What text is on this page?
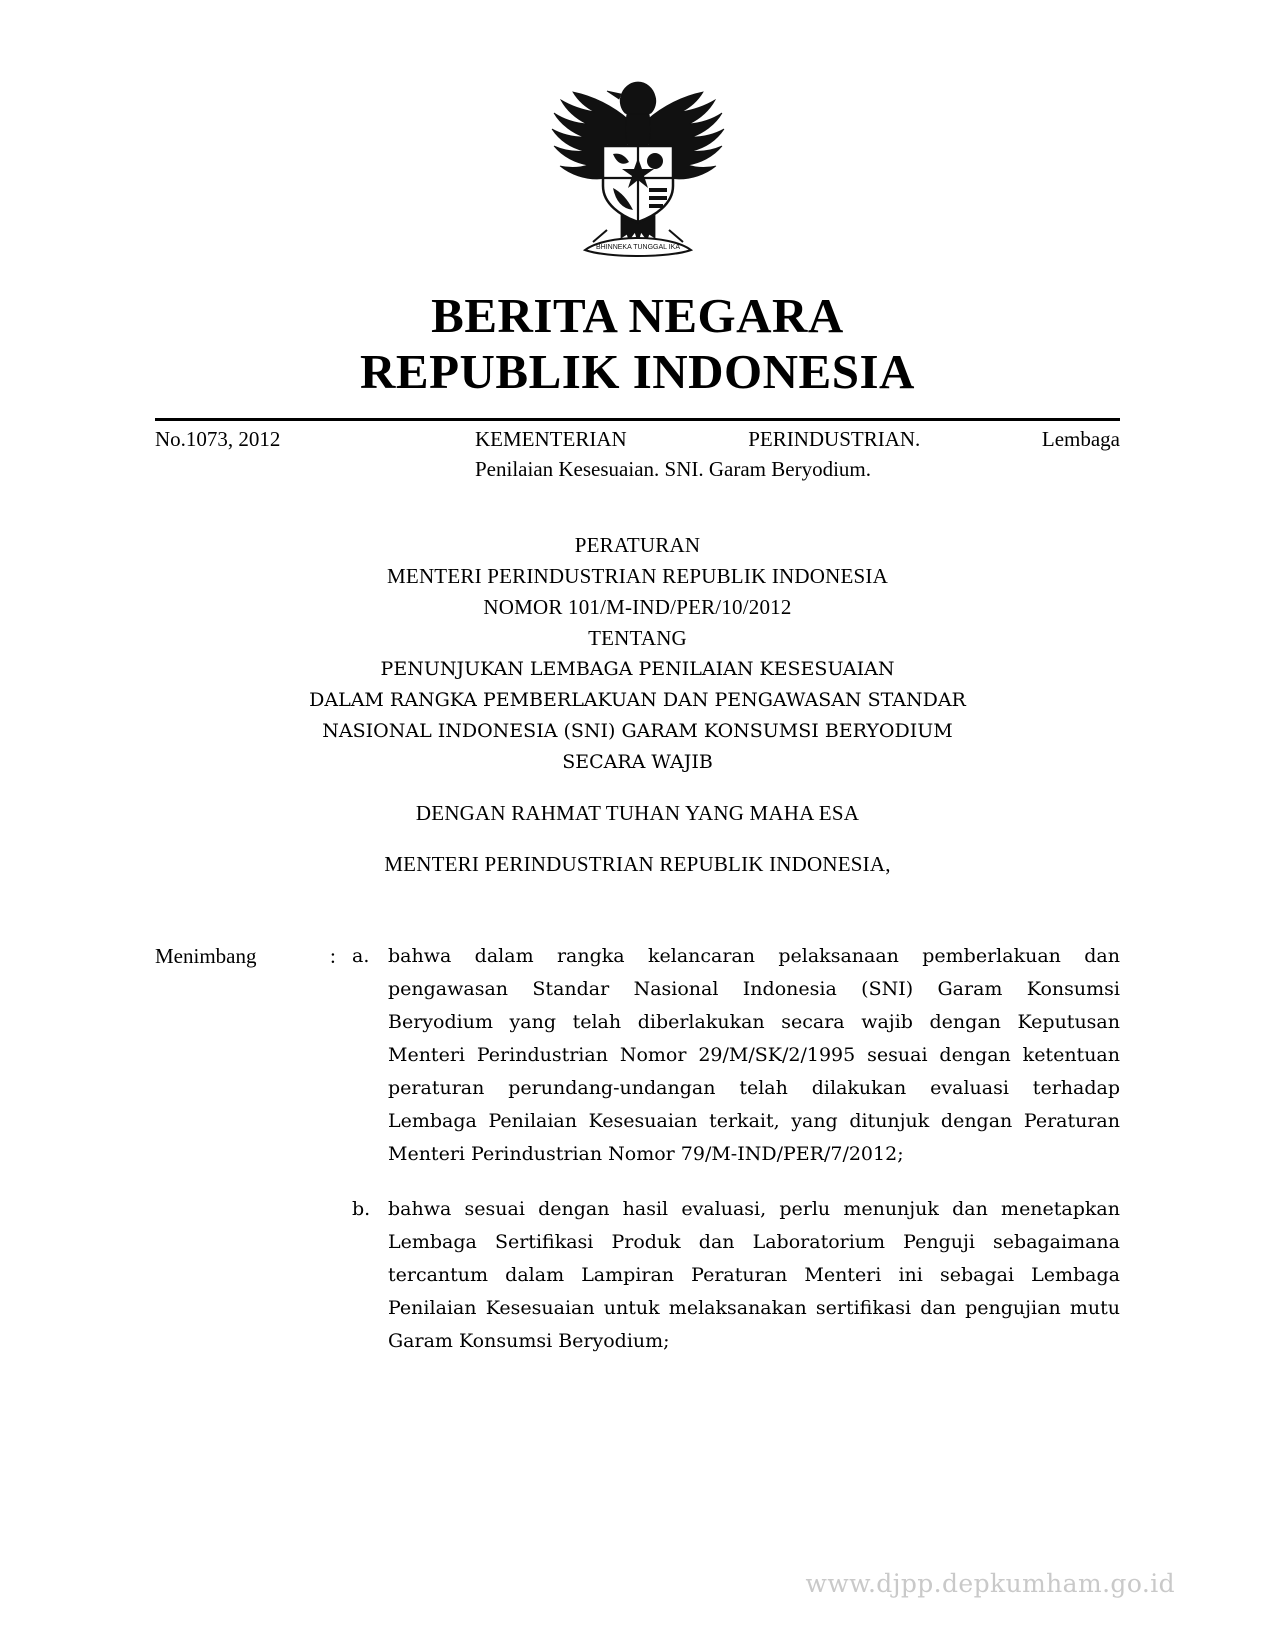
BHINNEKA TUNGGAL IKA
BERITA NEGARA
REPUBLIK INDONESIA
No.1073, 2012	KEMENTERIAN PERINDUSTRIAN. Lembaga
Penilaian Kesesuaian. SNI. Garam Beryodium.
PERATURAN
MENTERI PERINDUSTRIAN REPUBLIK INDONESIA
NOMOR 101/M-IND/PER/10/2012
TENTANG
PENUNJUKAN LEMBAGA PENILAIAN KESESUAIAN
DALAM RANGKA PEMBERLAKUAN DAN PENGAWASAN STANDAR
NASIONAL INDONESIA (SNI) GARAM KONSUMSI BERYODIUM
SECARA WAJIB
DENGAN RAHMAT TUHAN YANG MAHA ESA
MENTERI PERINDUSTRIAN REPUBLIK INDONESIA,
Menimbang	: a. bahwa dalam rangka kelancaran pelaksanaan pemberlakuan dan pengawasan Standar Nasional Indonesia (SNI) Garam Konsumsi Beryodium yang telah diberlakukan secara wajib dengan Keputusan Menteri Perindustrian Nomor 29/M/SK/2/1995 sesuai dengan ketentuan peraturan perundang-undangan telah dilakukan evaluasi terhadap Lembaga Penilaian Kesesuaian terkait, yang ditunjuk dengan Peraturan Menteri Perindustrian Nomor 79/M-IND/PER/7/2012;
b. bahwa sesuai dengan hasil evaluasi, perlu menunjuk dan menetapkan Lembaga Sertifikasi Produk dan Laboratorium Penguji sebagaimana tercantum dalam Lampiran Peraturan Menteri ini sebagai Lembaga Penilaian Kesesuaian untuk melaksanakan sertifikasi dan pengujian mutu Garam Konsumsi Beryodium;
www.djpp.depkumham.go.id
